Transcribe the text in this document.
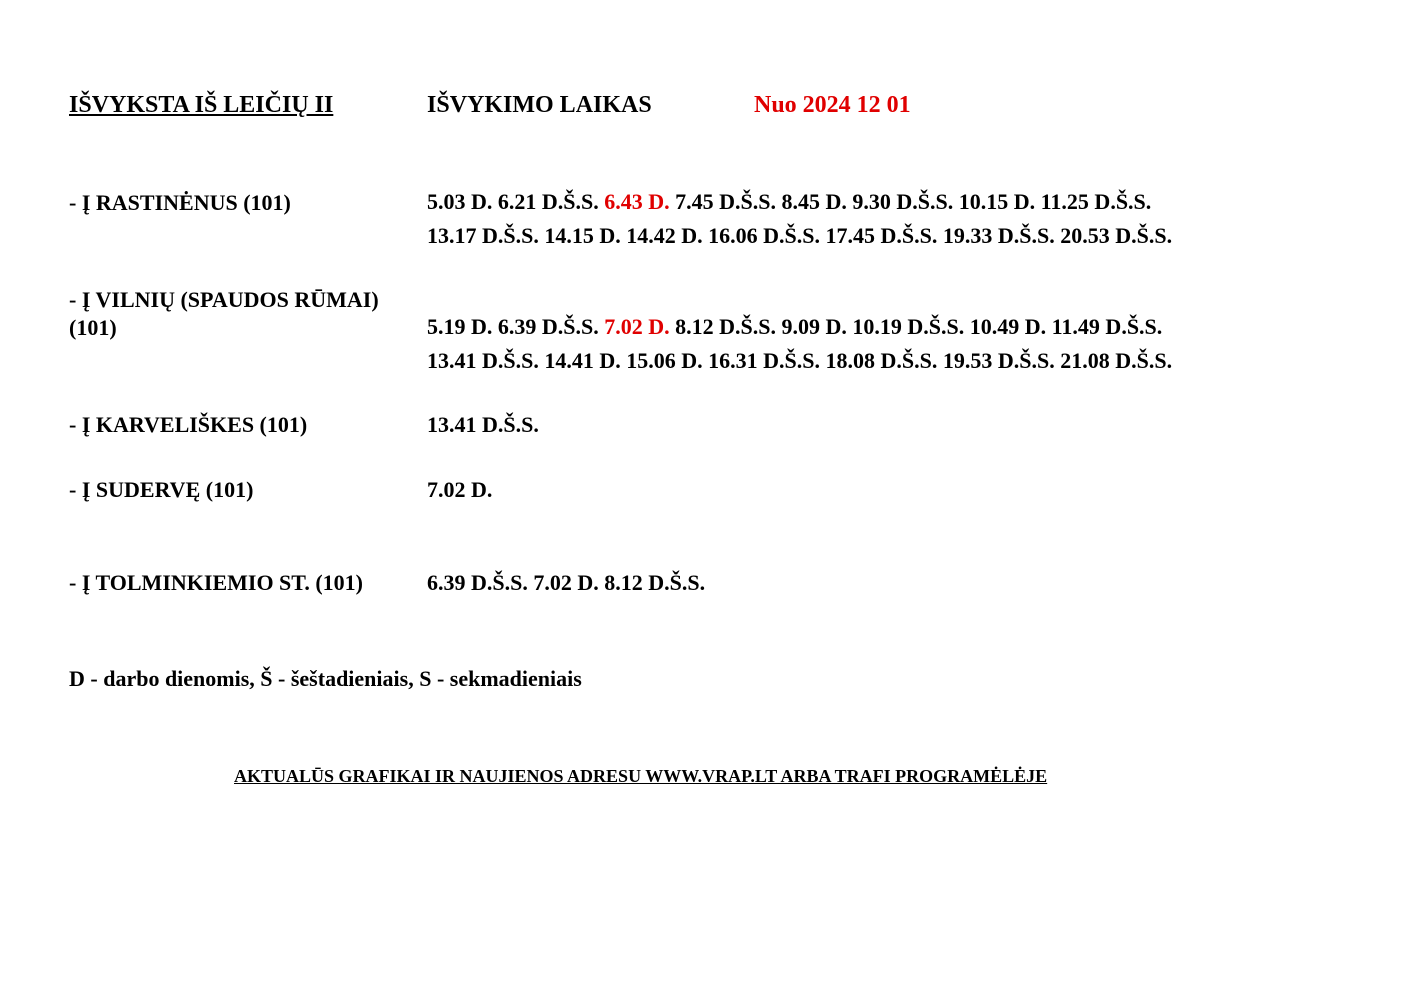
IŠVYKSTA IŠ LEIČIŲ II	IŠVYKIMO LAIKAS	Nuo 2024 12 01
- Į RASTINĖNUS (101)	5.03 D. 6.21 D.Š.S. 6.43 D. 7.45 D.Š.S. 8.45 D. 9.30 D.Š.S. 10.15 D. 11.25 D.Š.S.
13.17 D.Š.S. 14.15 D. 14.42 D. 16.06 D.Š.S. 17.45 D.Š.S. 19.33 D.Š.S. 20.53 D.Š.S.
- Į VILNIŲ (SPAUDOS RŪMAI)
(101)	5.19 D. 6.39 D.Š.S. 7.02 D. 8.12 D.Š.S. 9.09 D. 10.19 D.Š.S. 10.49 D. 11.49 D.Š.S.
13.41 D.Š.S. 14.41 D. 15.06 D. 16.31 D.Š.S. 18.08 D.Š.S. 19.53 D.Š.S. 21.08 D.Š.S.
- Į KARVELIŠKES (101)	13.41 D.Š.S.
- Į SUDERVĘ (101)	7.02 D.
- Į TOLMINKIEMIO ST. (101)	6.39 D.Š.S. 7.02 D. 8.12 D.Š.S.
D - darbo dienomis, Š - šeštadieniais, S - sekmadieniais
AKTUALŪS GRAFIKAI IR NAUJIENOS ADRESU WWW.VRAP.LT ARBA TRAFI PROGRAMĖLĖJE
